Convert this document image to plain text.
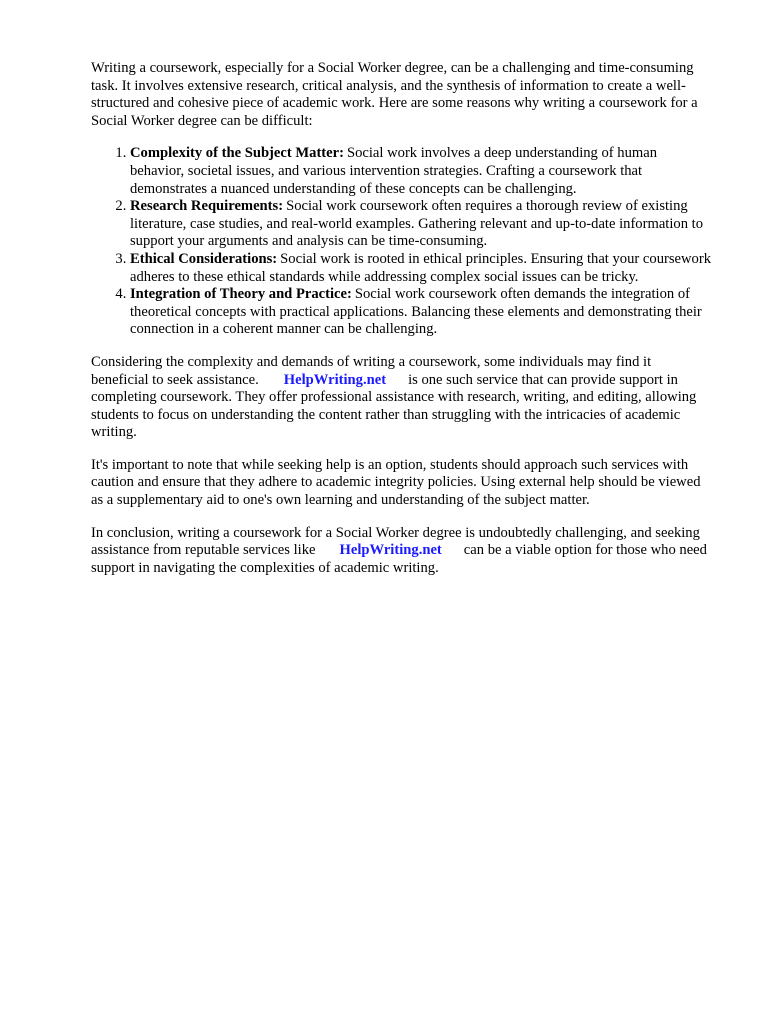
Writing a coursework, especially for a Social Worker degree, can be a challenging and time-consuming task. It involves extensive research, critical analysis, and the synthesis of information to create a well-structured and cohesive piece of academic work. Here are some reasons why writing a coursework for a Social Worker degree can be difficult:

1. Complexity of the Subject Matter: Social work involves a deep understanding of human behavior, societal issues, and various intervention strategies. Crafting a coursework that demonstrates a nuanced understanding of these concepts can be challenging.
2. Research Requirements: Social work coursework often requires a thorough review of existing literature, case studies, and real-world examples. Gathering relevant and up-to-date information to support your arguments and analysis can be time-consuming.
3. Ethical Considerations: Social work is rooted in ethical principles. Ensuring that your coursework adheres to these ethical standards while addressing complex social issues can be tricky.
4. Integration of Theory and Practice: Social work coursework often demands the integration of theoretical concepts with practical applications. Balancing these elements and demonstrating their connection in a coherent manner can be challenging.

Considering the complexity and demands of writing a coursework, some individuals may find it beneficial to seek assistance. HelpWriting.net is one such service that can provide support in completing coursework. They offer professional assistance with research, writing, and editing, allowing students to focus on understanding the content rather than struggling with the intricacies of academic writing.

It's important to note that while seeking help is an option, students should approach such services with caution and ensure that they adhere to academic integrity policies. Using external help should be viewed as a supplementary aid to one's own learning and understanding of the subject matter.

In conclusion, writing a coursework for a Social Worker degree is undoubtedly challenging, and seeking assistance from reputable services like HelpWriting.net can be a viable option for those who need support in navigating the complexities of academic writing.
